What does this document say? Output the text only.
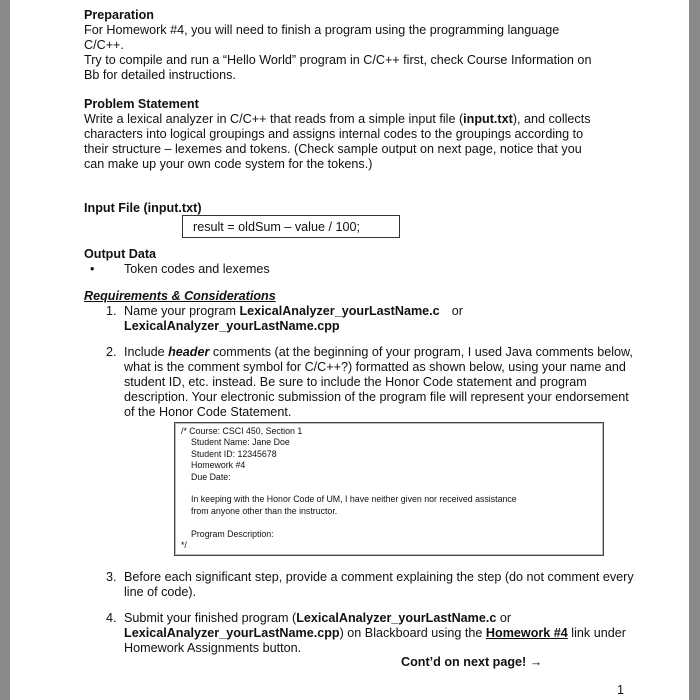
Preparation
For Homework #4, you will need to finish a program using the programming language
C/C++.
Try to compile and run a “Hello World” program in C/C++ first, check Course Information on
Bb for detailed instructions.
Problem Statement
Write a lexical analyzer in C/C++ that reads from a simple input file (input.txt), and collects
characters into logical groupings and assigns internal codes to the groupings according to
their structure – lexemes and tokens. (Check sample output on next page, notice that you
can make up your own code system for the tokens.)
Input File (input.txt)
result = oldSum – value / 100;
Output Data
• Token codes and lexemes
Requirements & Considerations
1. Name your program LexicalAnalyzer_yourLastName.c or
LexicalAnalyzer_yourLastName.cpp
2. Include header comments (at the beginning of your program, I used Java comments below,
what is the comment symbol for C/C++?) formatted as shown below, using your name and
student ID, etc. instead. Be sure to include the Honor Code statement and program
description. Your electronic submission of the program file will represent your endorsement
of the Honor Code Statement.
/* Course: CSCI 450, Section 1
Student Name: Jane Doe
Student ID: 12345678
Homework #4
Due Date:
In keeping with the Honor Code of UM, I have neither given nor received assistance
from anyone other than the instructor.
Program Description:
*/
3. Before each significant step, provide a comment explaining the step (do not comment every
line of code).
4. Submit your finished program (LexicalAnalyzer_yourLastName.c or
LexicalAnalyzer_yourLastName.cpp) on Blackboard using the Homework #4 link under
Homework Assignments button.
Cont’d on next page! →
1
